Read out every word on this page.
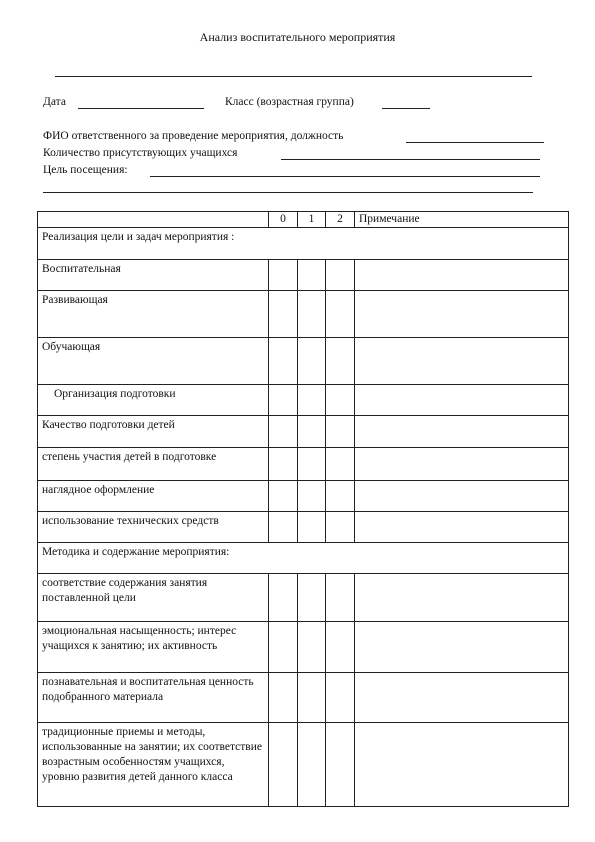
Анализ воспитательного мероприятия
Дата	Класс (возрастная группа)
ФИО ответственного за проведение мероприятия, должность
Количество присутствующих учащихся
Цель посещения:
	0	1	2	Примечание
Реализация цели и задач мероприятия :				
Воспитательная				
Развивающая				
Обучающая				
Организация подготовки				
Качество подготовки детей				
степень участия детей в подготовке				
наглядное оформление				
использование технических средств				
Методика и содержание мероприятия:				
соответствие содержания занятия поставленной цели				
эмоциональная насыщенность; интерес учащихся к занятию; их активность				
познавательная и воспитательная ценность подобранного материала				
традиционные приемы и методы, использованные на занятии; их соответствие возрастным особенностям учащихся, уровню развития детей данного класса				
